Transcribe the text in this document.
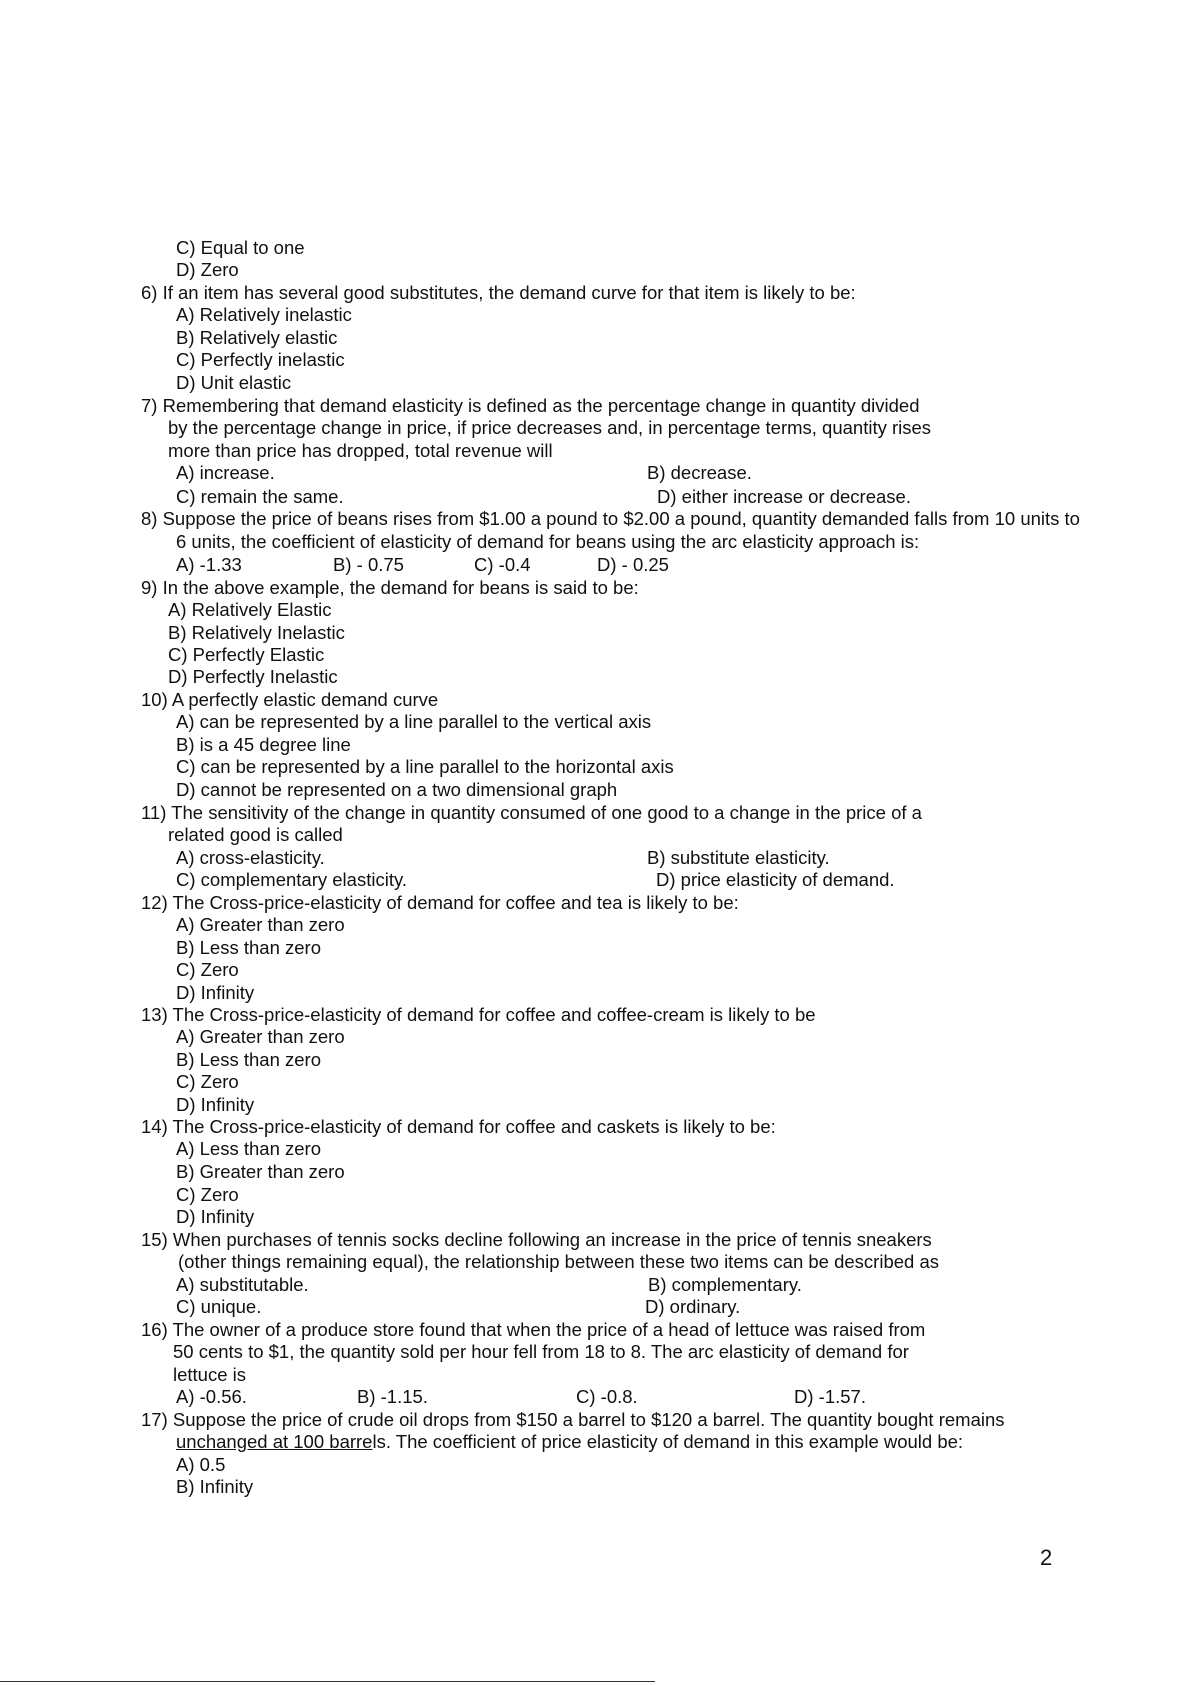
C) Equal to one
D) Zero
6) If an item has several good substitutes, the demand curve for that item is likely to be:
A) Relatively inelastic
B) Relatively elastic
C) Perfectly inelastic
D) Unit elastic
7) Remembering that demand elasticity is defined as the percentage change in quantity divided
by the percentage change in price, if price decreases and, in percentage terms, quantity rises
more than price has dropped, total revenue will
A) increase.	B) decrease.
C) remain the same.	D) either increase or decrease.
8) Suppose the price of beans rises from $1.00 a pound to $2.00 a pound, quantity demanded falls from 10 units to
6 units, the coefficient of elasticity of demand for beans using the arc elasticity approach is:
A) -1.33	B) - 0.75	C) -0.4	D) - 0.25
9) In the above example, the demand for beans is said to be:
A) Relatively Elastic
B) Relatively Inelastic
C) Perfectly Elastic
D) Perfectly Inelastic
10) A perfectly elastic demand curve
A) can be represented by a line parallel to the vertical axis
B) is a 45 degree line
C) can be represented by a line parallel to the horizontal axis
D) cannot be represented on a two dimensional graph
11) The sensitivity of the change in quantity consumed of one good to a change in the price of a
related good is called
A) cross-elasticity.	B) substitute elasticity.
C) complementary elasticity.	D) price elasticity of demand.
12) The Cross-price-elasticity of demand for coffee and tea is likely to be:
A) Greater than zero
B) Less than zero
C) Zero
D) Infinity
13) The Cross-price-elasticity of demand for coffee and coffee-cream is likely to be
A) Greater than zero
B) Less than zero
C) Zero
D) Infinity
14) The Cross-price-elasticity of demand for coffee and caskets is likely to be:
A) Less than zero
B) Greater than zero
C) Zero
D) Infinity
15) When purchases of tennis socks decline following an increase in the price of tennis sneakers
(other things remaining equal), the relationship between these two items can be described as
A) substitutable.	B) complementary.
C) unique.	D) ordinary.
16) The owner of a produce store found that when the price of a head of lettuce was raised from
50 cents to $1, the quantity sold per hour fell from 18 to 8. The arc elasticity of demand for
lettuce is
A) -0.56.	B) -1.15.	C) -0.8.	D) -1.57.
17) Suppose the price of crude oil drops from $150 a barrel to $120 a barrel. The quantity bought remains
unchanged at 100 barrels. The coefficient of price elasticity of demand in this example would be:
A) 0.5
B) Infinity
2
